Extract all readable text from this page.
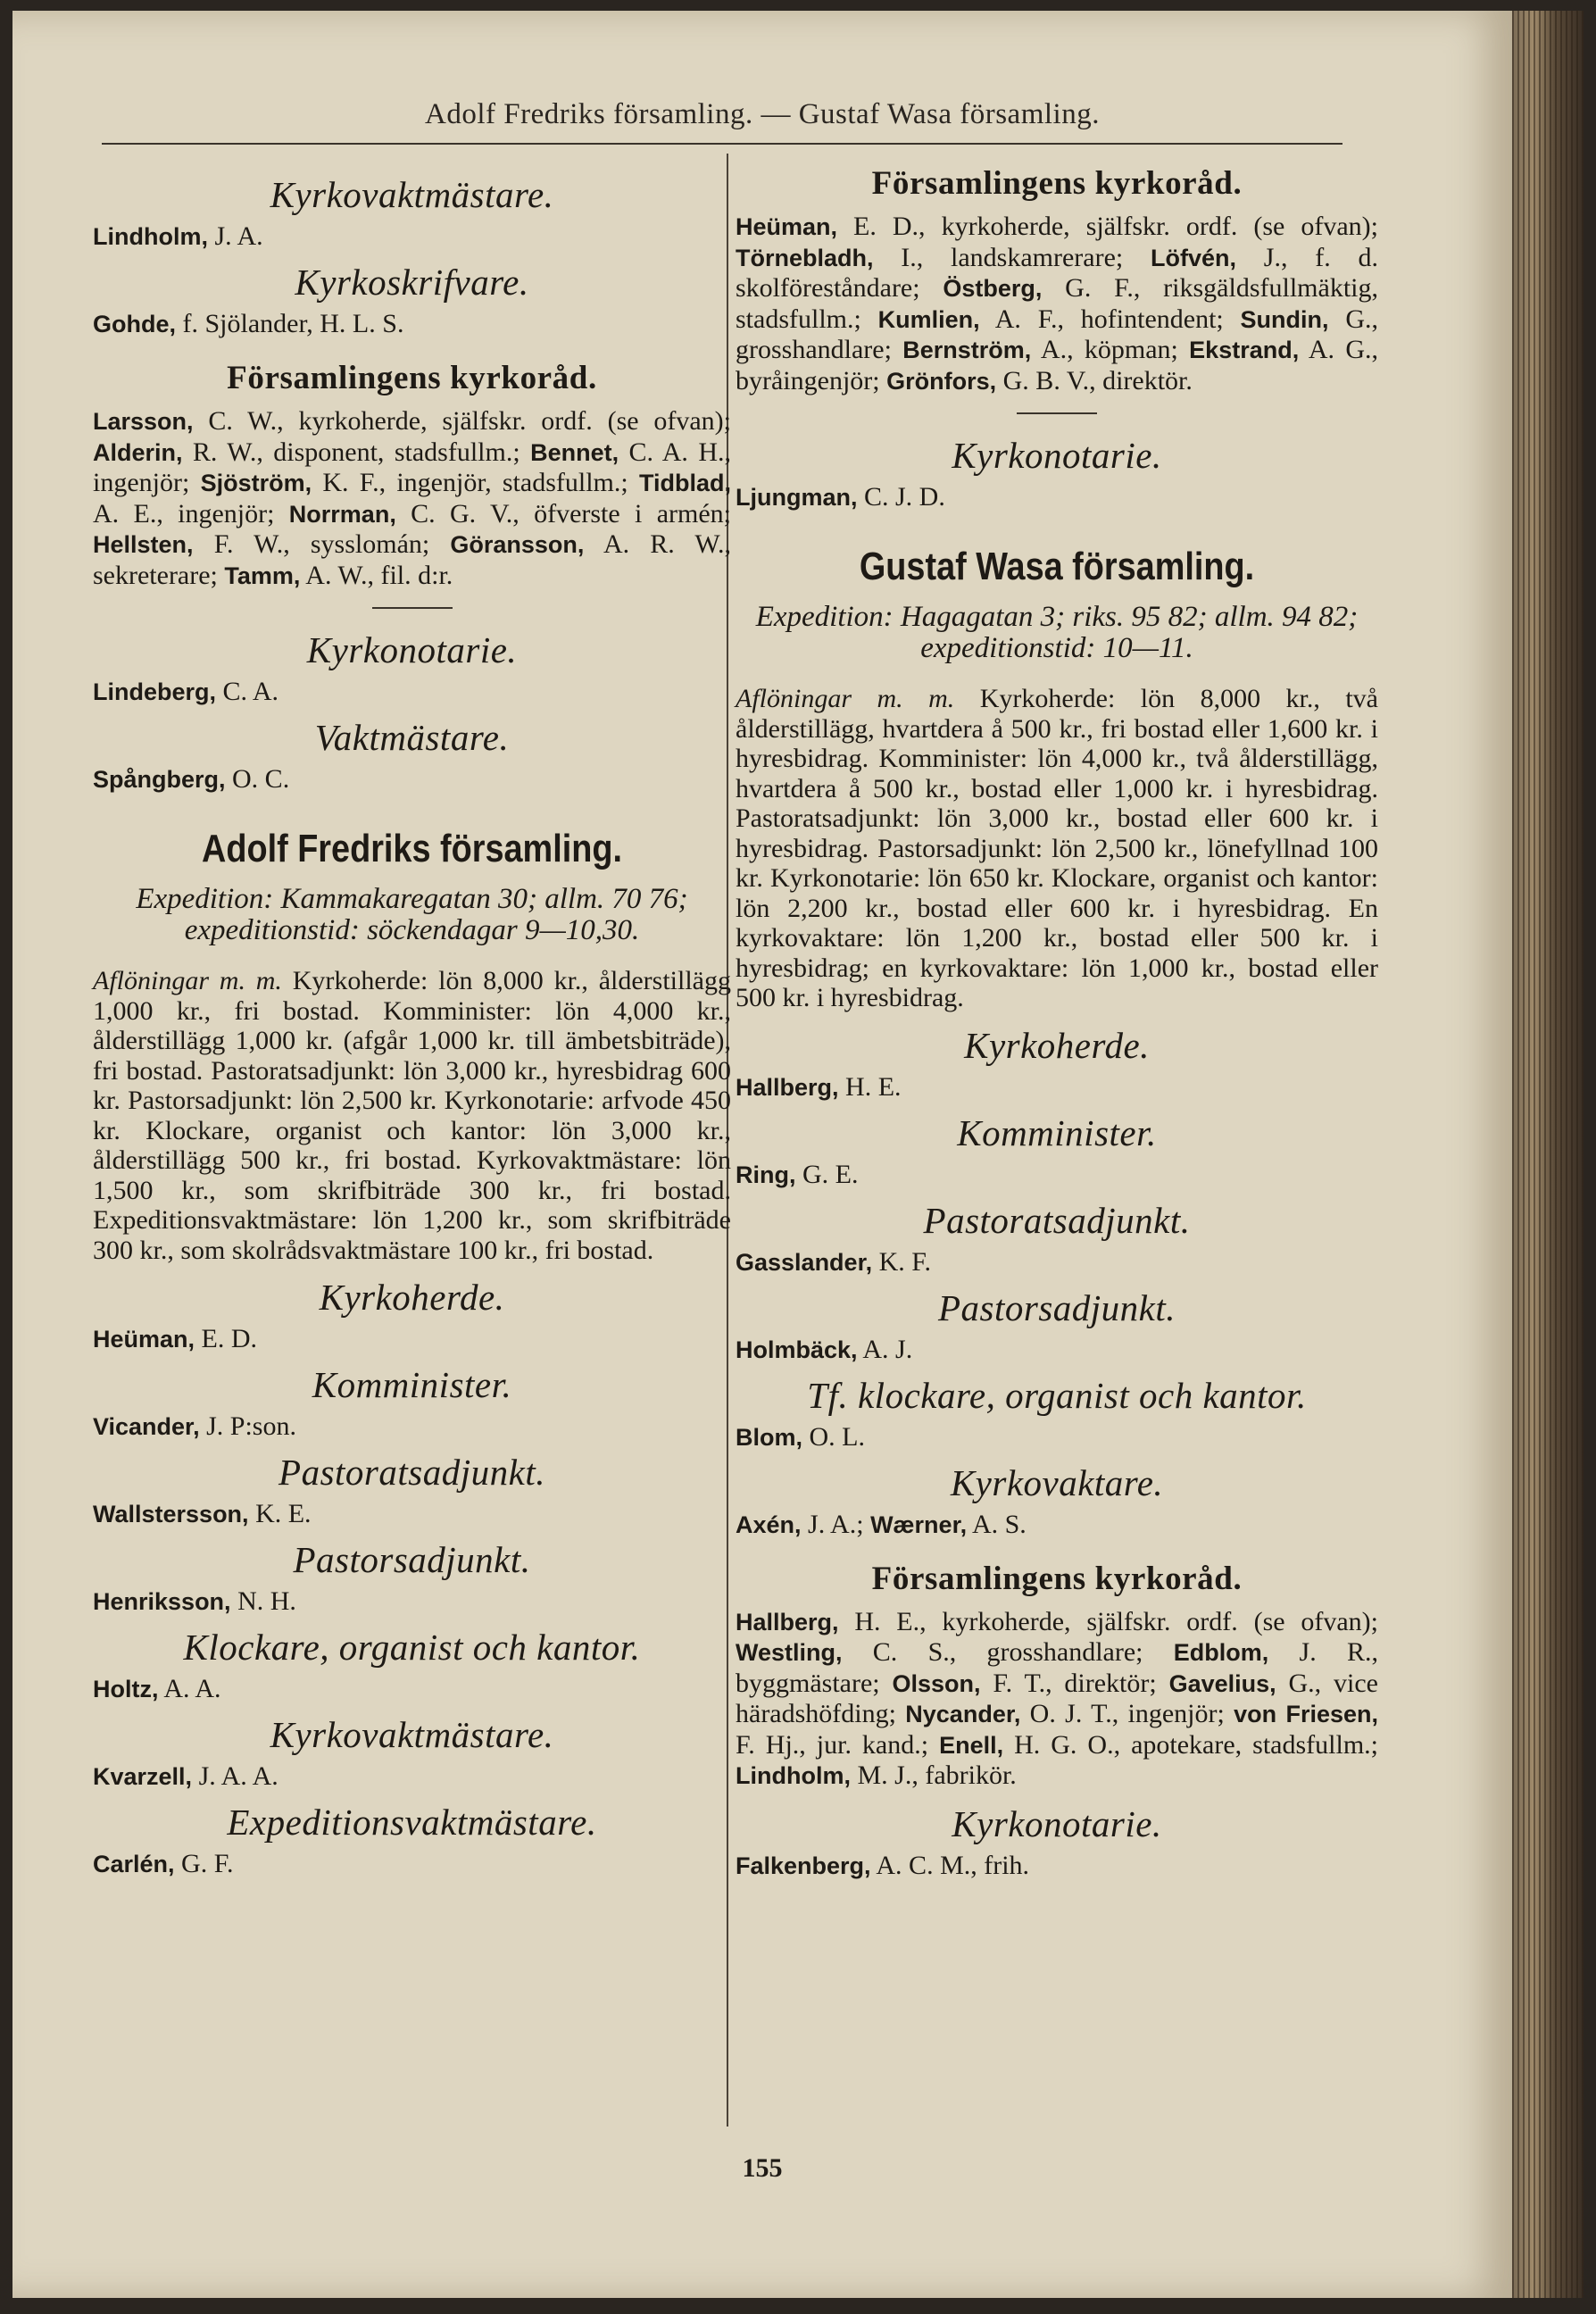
Adolf Fredriks församling. — Gustaf Wasa församling.
Kyrkovaktmästare.
Lindholm, J. A.
Kyrkoskrifvare.
Gohde, f. Sjölander, H. L. S.
Församlingens kyrkoråd.
Larsson, C. W., kyrkoherde, själfskr. ordf. (se ofvan); Alderin, R. W., disponent, stadsfullm.; Bennet, C. A. H., ingenjör; Sjöström, K. F., ingenjör, stadsfullm.; Tidblad, A. E., ingenjör; Norrman, C. G. V., öfverste i armén; Hellsten, F. W., sysslomán; Göransson, A. R. W., sekreterare; Tamm, A. W., fil. d:r.
Kyrkonotarie.
Lindeberg, C. A.
Vaktmästare.
Spångberg, O. C.
Adolf Fredriks församling.
Expedition: Kammakaregatan 30; allm. 70 76; expeditionstid: söckendagar 9—10,30.
Aflöningar m. m. Kyrkoherde: lön 8,000 kr., ålderstillägg 1,000 kr., fri bostad. Komminister: lön 4,000 kr., ålderstillägg 1,000 kr. (afgår 1,000 kr. till ämbetsbiträde), fri bostad. Pastoratsadjunkt: lön 3,000 kr., hyresbidrag 600 kr. Pastorsadjunkt: lön 2,500 kr. Kyrkonotarie: arfvode 450 kr. Klockare, organist och kantor: lön 3,000 kr., ålderstillägg 500 kr., fri bostad. Kyrkovaktmästare: lön 1,500 kr., som skrifbiträde 300 kr., fri bostad. Expeditionsvaktmästare: lön 1,200 kr., som skrifbiträde 300 kr., som skolrådsvaktmästare 100 kr., fri bostad.
Kyrkoherde.
Heüman, E. D.
Komminister.
Vicander, J. P:son.
Pastoratsadjunkt.
Wallstersson, K. E.
Pastorsadjunkt.
Henriksson, N. H.
Klockare, organist och kantor.
Holtz, A. A.
Kyrkovaktmästare.
Kvarzell, J. A. A.
Expeditionsvaktmästare.
Carlén, G. F.
Församlingens kyrkoråd.
Heüman, E. D., kyrkoherde, själfskr. ordf. (se ofvan); Törnebladh, I., landskamrerare; Löfvén, J., f. d. skolföreståndare; Östberg, G. F., riksgäldsfullmäktig, stadsfullm.; Kumlien, A. F., hofintendent; Sundin, G., grosshandlare; Bernström, A., köpman; Ekstrand, A. G., byråingenjör; Grönfors, G. B. V., direktör.
Kyrkonotarie.
Ljungman, C. J. D.
Gustaf Wasa församling.
Expedition: Hagagatan 3; riks. 95 82; allm. 94 82; expeditionstid: 10—11.
Aflöningar m. m. Kyrkoherde: lön 8,000 kr., två ålderstillägg, hvartdera å 500 kr., fri bostad eller 1,600 kr. i hyresbidrag. Komminister: lön 4,000 kr., två ålderstillägg, hvartdera å 500 kr., bostad eller 1,000 kr. i hyresbidrag. Pastoratsadjunkt: lön 3,000 kr., bostad eller 600 kr. i hyresbidrag. Pastorsadjunkt: lön 2,500 kr., lönefyllnad 100 kr. Kyrkonotarie: lön 650 kr. Klockare, organist och kantor: lön 2,200 kr., bostad eller 600 kr. i hyresbidrag. En kyrkovaktare: lön 1,200 kr., bostad eller 500 kr. i hyresbidrag; en kyrkovaktare: lön 1,000 kr., bostad eller 500 kr. i hyresbidrag.
Kyrkoherde.
Hallberg, H. E.
Komminister.
Ring, G. E.
Pastoratsadjunkt.
Gasslander, K. F.
Pastorsadjunkt.
Holmbäck, A. J.
Tf. klockare, organist och kantor.
Blom, O. L.
Kyrkovaktare.
Axén, J. A.; Wærner, A. S.
Församlingens kyrkoråd.
Hallberg, H. E., kyrkoherde, själfskr. ordf. (se ofvan); Westling, C. S., grosshandlare; Edblom, J. R., byggmästare; Olsson, F. T., direktör; Gavelius, G., vice häradshöfding; Nycander, O. J. T., ingenjör; von Friesen, F. Hj., jur. kand.; Enell, H. G. O., apotekare, stadsfullm.; Lindholm, M. J., fabrikör.
Kyrkonotarie.
Falkenberg, A. C. M., frih.
155
